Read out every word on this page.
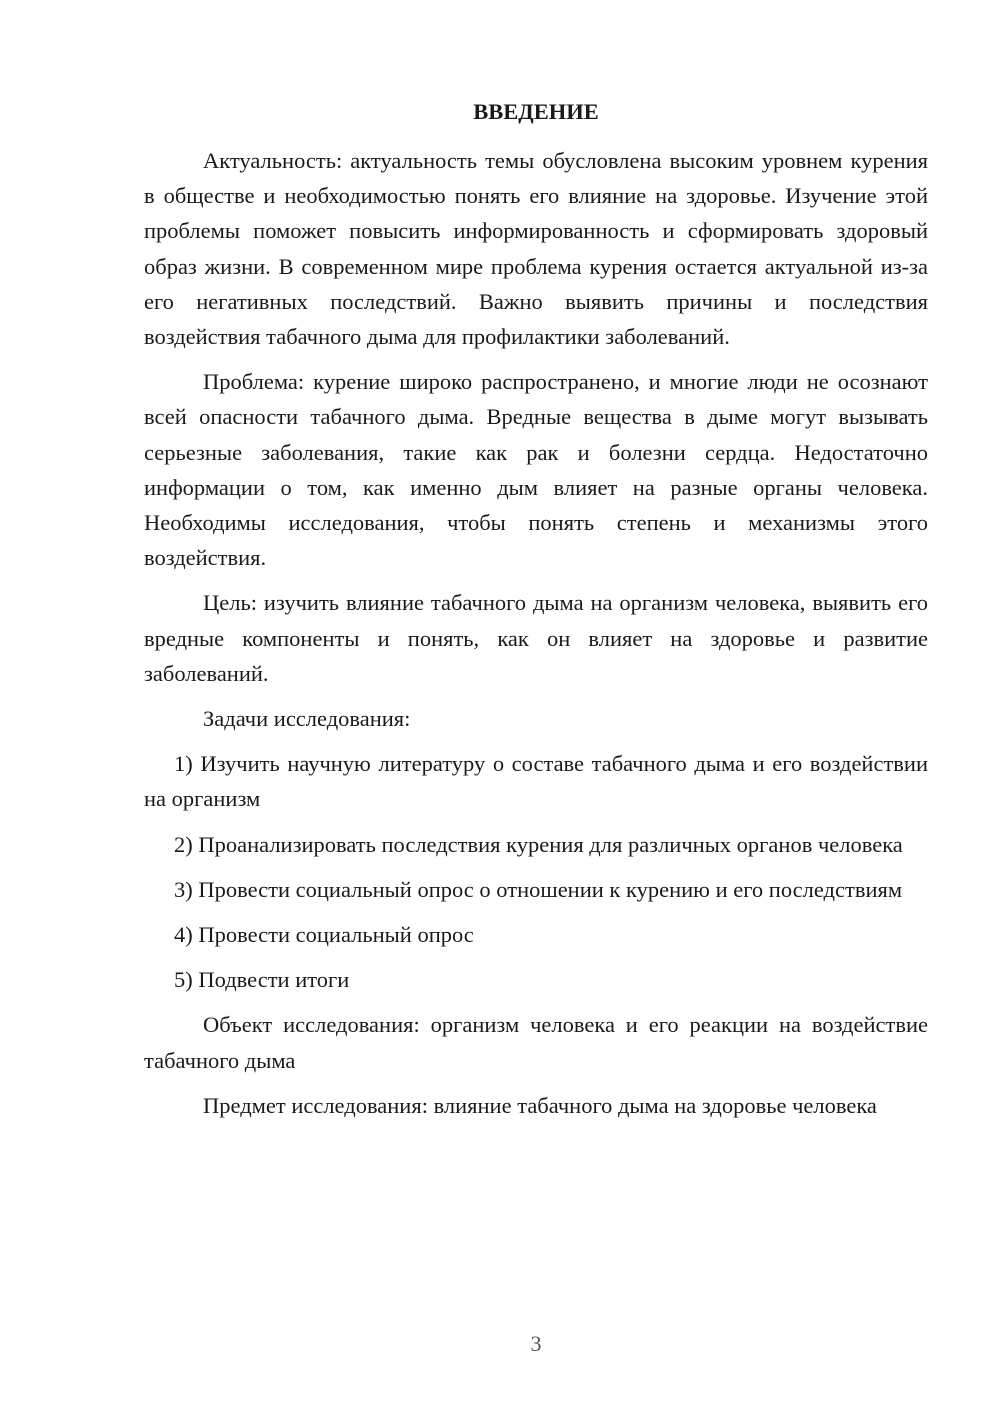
ВВЕДЕНИЕ

Актуальность: актуальность темы обусловлена высоким уровнем курения в обществе и необходимостью понять его влияние на здоровье. Изучение этой проблемы поможет повысить информированность и сформировать здоровый образ жизни. В современном мире проблема курения остается актуальной из-за его негативных последствий. Важно выявить причины и последствия воздействия табачного дыма для профилактики заболеваний.

Проблема: курение широко распространено, и многие люди не осознают всей опасности табачного дыма. Вредные вещества в дыме могут вызывать серьезные заболевания, такие как рак и болезни сердца. Недостаточно информации о том, как именно дым влияет на разные органы человека. Необходимы исследования, чтобы понять степень и механизмы этого воздействия.

Цель: изучить влияние табачного дыма на организм человека, выявить его вредные компоненты и понять, как он влияет на здоровье и развитие заболеваний.

Задачи исследования:

1) Изучить научную литературу о составе табачного дыма и его воздействии на организм

2) Проанализировать последствия курения для различных органов человека

3) Провести социальный опрос о отношении к курению и его последствиям

4) Провести социальный опрос

5) Подвести итоги

Объект исследования: организм человека и его реакции на воздействие табачного дыма

Предмет исследования: влияние табачного дыма на здоровье человека

3
